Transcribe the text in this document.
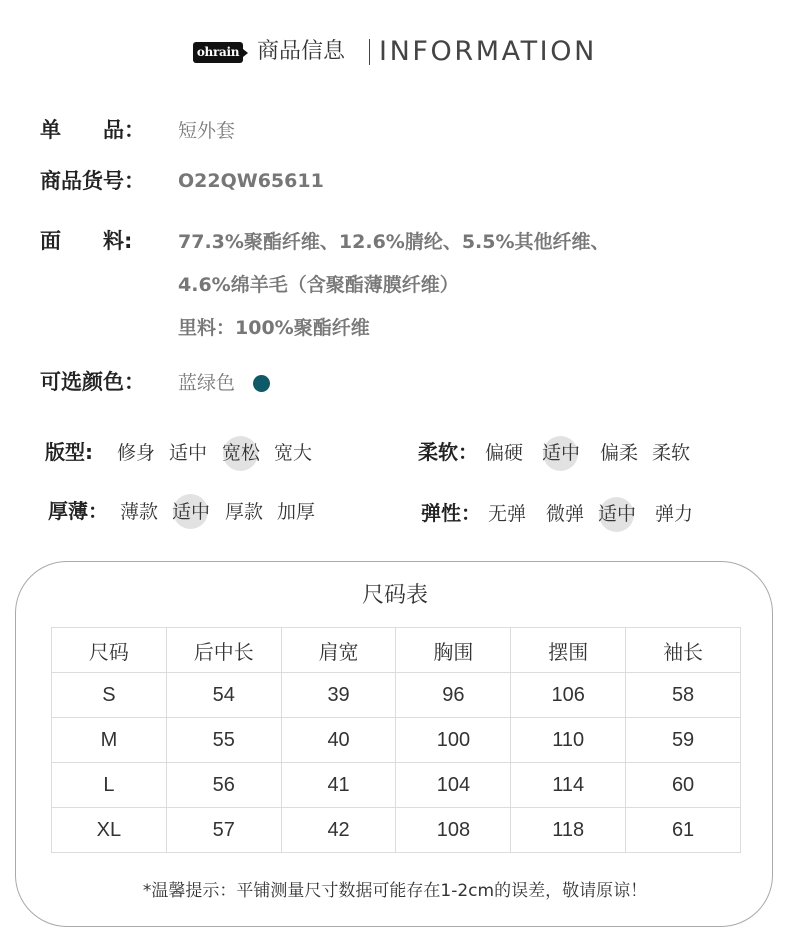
ohrain 商品信息 INFORMATION
单　　品： 短外套
商品货号： O22QW65611
面　　料: 77.3%聚酯纤维、12.6%腈纶、5.5%其他纤维、
4.6%绵羊毛（含聚酯薄膜纤维）
里料：100%聚酯纤维
可选颜色： 蓝绿色
版型: 修身 适中 宽松 宽大
厚薄： 薄款 适中 厚款 加厚
柔软： 偏硬 适中 偏柔 柔软
弹性： 无弹 微弹 适中 弹力
尺码表
尺码	后中长	肩宽	胸围	摆围	袖长
S	54	39	96	106	58
M	55	40	100	110	59
L	56	41	104	114	60
XL	57	42	108	118	61
*温馨提示：平铺测量尺寸数据可能存在1-2cm的误差，敬请原谅！
